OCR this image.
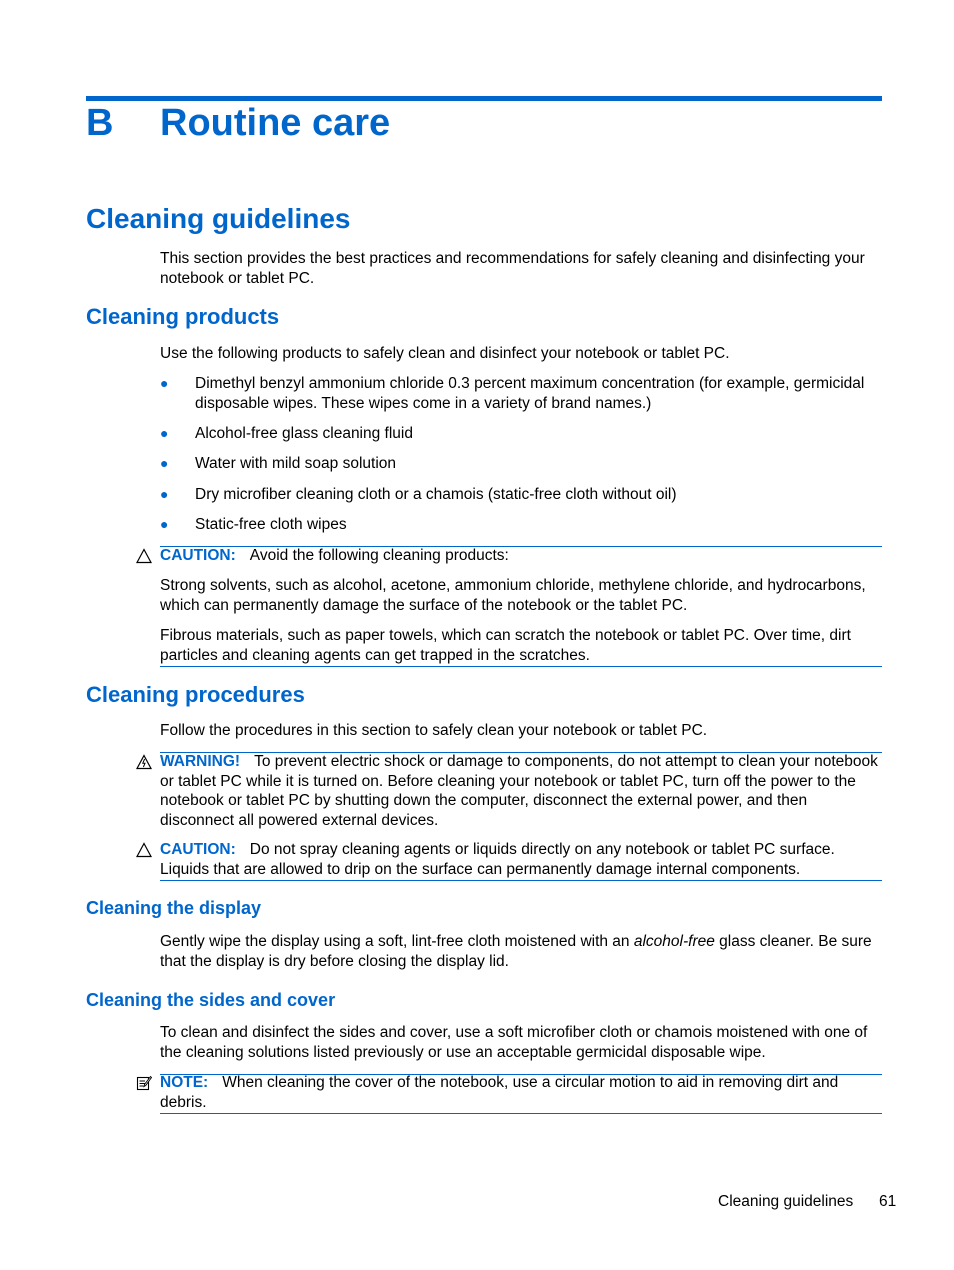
B Routine care
Cleaning guidelines
This section provides the best practices and recommendations for safely cleaning and disinfecting your notebook or tablet PC.
Cleaning products
Use the following products to safely clean and disinfect your notebook or tablet PC.
● Dimethyl benzyl ammonium chloride 0.3 percent maximum concentration (for example, germicidal disposable wipes. These wipes come in a variety of brand names.)
● Alcohol-free glass cleaning fluid
● Water with mild soap solution
● Dry microfiber cleaning cloth or a chamois (static-free cloth without oil)
● Static-free cloth wipes
CAUTION: Avoid the following cleaning products:
Strong solvents, such as alcohol, acetone, ammonium chloride, methylene chloride, and hydrocarbons, which can permanently damage the surface of the notebook or the tablet PC.
Fibrous materials, such as paper towels, which can scratch the notebook or tablet PC. Over time, dirt particles and cleaning agents can get trapped in the scratches.
Cleaning procedures
Follow the procedures in this section to safely clean your notebook or tablet PC.
WARNING! To prevent electric shock or damage to components, do not attempt to clean your notebook or tablet PC while it is turned on. Before cleaning your notebook or tablet PC, turn off the power to the notebook or tablet PC by shutting down the computer, disconnect the external power, and then disconnect all powered external devices.
CAUTION: Do not spray cleaning agents or liquids directly on any notebook or tablet PC surface. Liquids that are allowed to drip on the surface can permanently damage internal components.
Cleaning the display
Gently wipe the display using a soft, lint-free cloth moistened with an alcohol-free glass cleaner. Be sure that the display is dry before closing the display lid.
Cleaning the sides and cover
To clean and disinfect the sides and cover, use a soft microfiber cloth or chamois moistened with one of the cleaning solutions listed previously or use an acceptable germicidal disposable wipe.
NOTE: When cleaning the cover of the notebook, use a circular motion to aid in removing dirt and debris.
Cleaning guidelines 61
